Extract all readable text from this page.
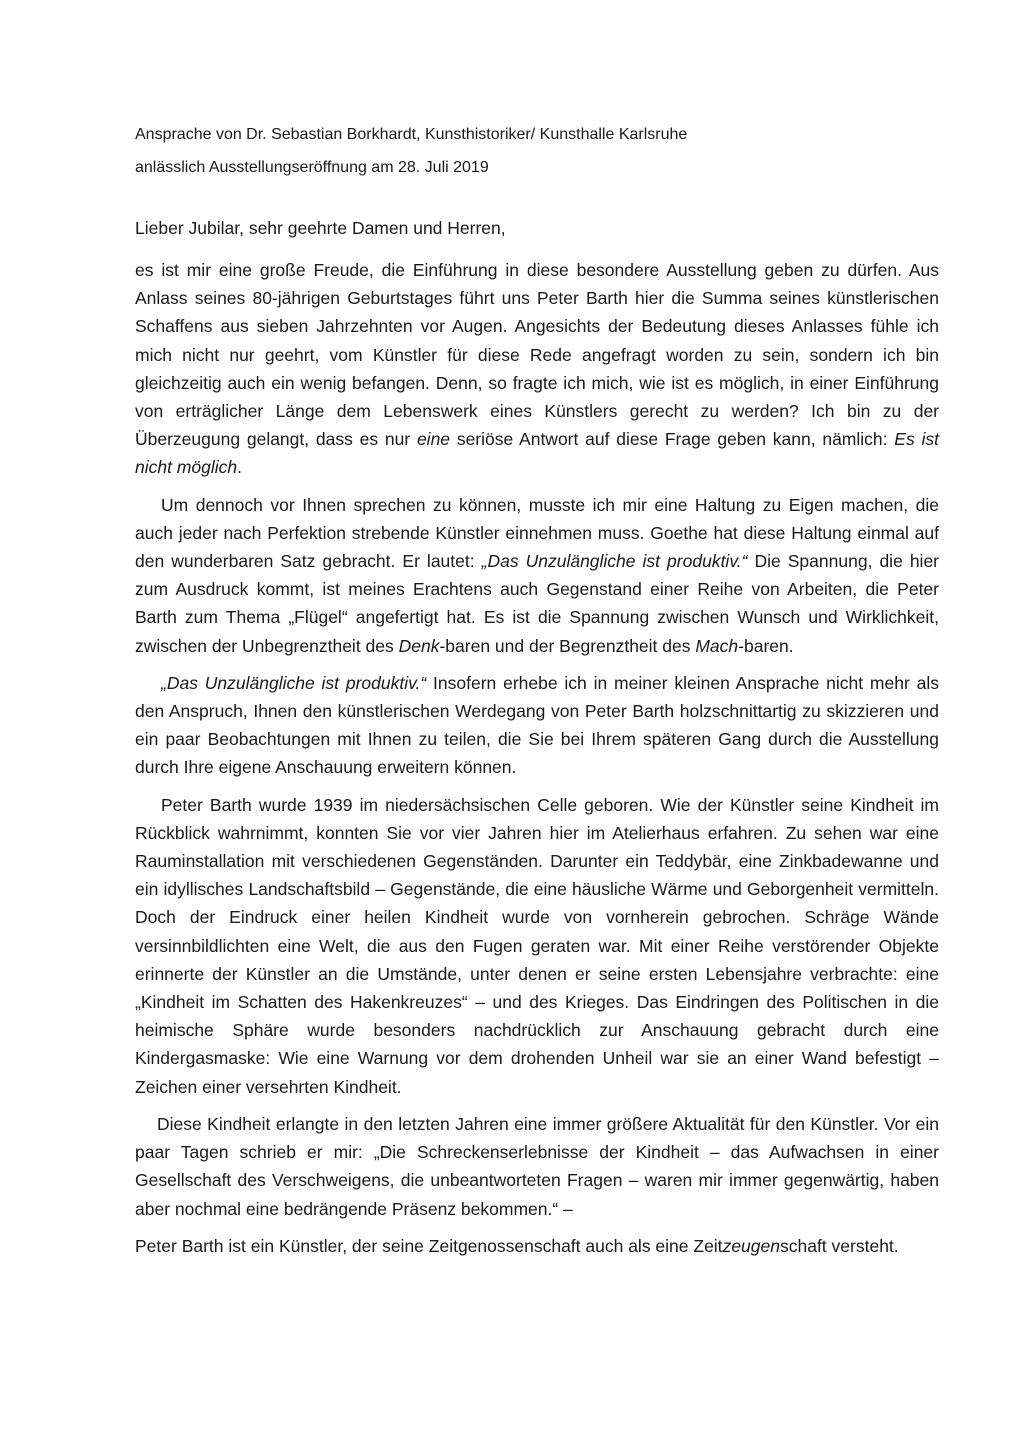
Ansprache von Dr. Sebastian Borkhardt, Kunsthistoriker/ Kunsthalle Karlsruhe

anlässlich Ausstellungseröffnung am 28. Juli 2019

Lieber Jubilar, sehr geehrte Damen und Herren,

es ist mir eine große Freude, die Einführung in diese besondere Ausstellung geben zu dürfen. Aus Anlass seines 80-jährigen Geburtstages führt uns Peter Barth hier die Summa seines künstlerischen Schaffens aus sieben Jahrzehnten vor Augen. Angesichts der Bedeutung dieses Anlasses fühle ich mich nicht nur geehrt, vom Künstler für diese Rede angefragt worden zu sein, sondern ich bin gleichzeitig auch ein wenig befangen. Denn, so fragte ich mich, wie ist es möglich, in einer Einführung von erträglicher Länge dem Lebenswerk eines Künstlers gerecht zu werden? Ich bin zu der Überzeugung gelangt, dass es nur eine seriöse Antwort auf diese Frage geben kann, nämlich: Es ist nicht möglich.

Um dennoch vor Ihnen sprechen zu können, musste ich mir eine Haltung zu Eigen machen, die auch jeder nach Perfektion strebende Künstler einnehmen muss. Goethe hat diese Haltung einmal auf den wunderbaren Satz gebracht. Er lautet: „Das Unzulängliche ist produktiv.“ Die Spannung, die hier zum Ausdruck kommt, ist meines Erachtens auch Gegenstand einer Reihe von Arbeiten, die Peter Barth zum Thema „Flügel“ angefertigt hat. Es ist die Spannung zwischen Wunsch und Wirklichkeit, zwischen der Unbegrenztheit des Denk-baren und der Begrenztheit des Mach-baren.

„Das Unzulängliche ist produktiv.“ Insofern erhebe ich in meiner kleinen Ansprache nicht mehr als den Anspruch, Ihnen den künstlerischen Werdegang von Peter Barth holzschnittartig zu skizzieren und ein paar Beobachtungen mit Ihnen zu teilen, die Sie bei Ihrem späteren Gang durch die Ausstellung durch Ihre eigene Anschauung erweitern können.

Peter Barth wurde 1939 im niedersächsischen Celle geboren. Wie der Künstler seine Kindheit im Rückblick wahrnimmt, konnten Sie vor vier Jahren hier im Atelierhaus erfahren. Zu sehen war eine Rauminstallation mit verschiedenen Gegenständen. Darunter ein Teddybär, eine Zinkbadewanne und ein idyllisches Landschaftsbild – Gegenstände, die eine häusliche Wärme und Geborgenheit vermitteln. Doch der Eindruck einer heilen Kindheit wurde von vornherein gebrochen. Schräge Wände versinnbildlichten eine Welt, die aus den Fugen geraten war. Mit einer Reihe verstörender Objekte erinnerte der Künstler an die Umstände, unter denen er seine ersten Lebensjahre verbrachte: eine „Kindheit im Schatten des Hakenkreuzes“ – und des Krieges. Das Eindringen des Politischen in die heimische Sphäre wurde besonders nachdrücklich zur Anschauung gebracht durch eine Kindergasmaske: Wie eine Warnung vor dem drohenden Unheil war sie an einer Wand befestigt – Zeichen einer versehrten Kindheit.

Diese Kindheit erlangte in den letzten Jahren eine immer größere Aktualität für den Künstler. Vor ein paar Tagen schrieb er mir: „Die Schreckenserlebnisse der Kindheit – das Aufwachsen in einer Gesellschaft des Verschweigens, die unbeantworteten Fragen – waren mir immer gegenwärtig, haben aber nochmal eine bedrängende Präsenz bekommen.“ –

Peter Barth ist ein Künstler, der seine Zeitgenossenschaft auch als eine Zeitzeugenschaft versteht.
